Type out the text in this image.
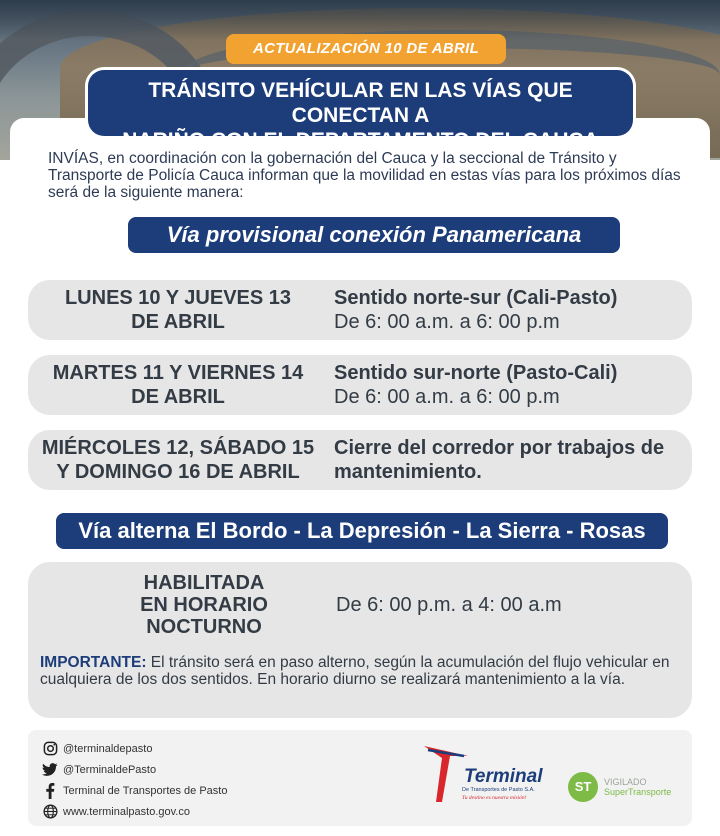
ACTUALIZACIÓN 10 DE ABRIL
TRÁNSITO VEHÍCULAR EN LAS VÍAS QUE CONECTAN A
NARIÑO CON EL DEPARTAMENTO DEL CAUCA

INVÍAS, en coordinación con la gobernación del Cauca y la seccional de Tránsito y Transporte de Policía Cauca informan que la movilidad en estas vías para los próximos días será de la siguiente manera:

Vía provisional conexión Panamericana
LUNES 10 Y JUEVES 13
DE ABRIL
Sentido norte-sur (Cali-Pasto)
De 6: 00 a.m. a 6: 00 p.m
MARTES 11 Y VIERNES 14
DE ABRIL
Sentido sur-norte (Pasto-Cali)
De 6: 00 a.m. a 6: 00 p.m
MIÉRCOLES 12, SÁBADO 15
Y DOMINGO 16 DE ABRIL
Cierre del corredor por trabajos de
mantenimiento.
Vía alterna El Bordo - La Depresión - La Sierra - Rosas
HABILITADA
EN HORARIO
NOCTURNO
De 6: 00 p.m. a 4: 00 a.m

IMPORTANTE: El tránsito será en paso alterno, según la acumulación del flujo vehicular en cualquiera de los dos sentidos. En horario diurno se realizará mantenimiento a la vía.

@terminaldepasto
@TerminaldePasto
Terminal de Transportes de Pasto
www.terminalpasto.gov.co
Terminal
De Transportes de Pasto S.A.
Tu destino es nuestra misión!
ST	VIGILADO
SuperTransporte
